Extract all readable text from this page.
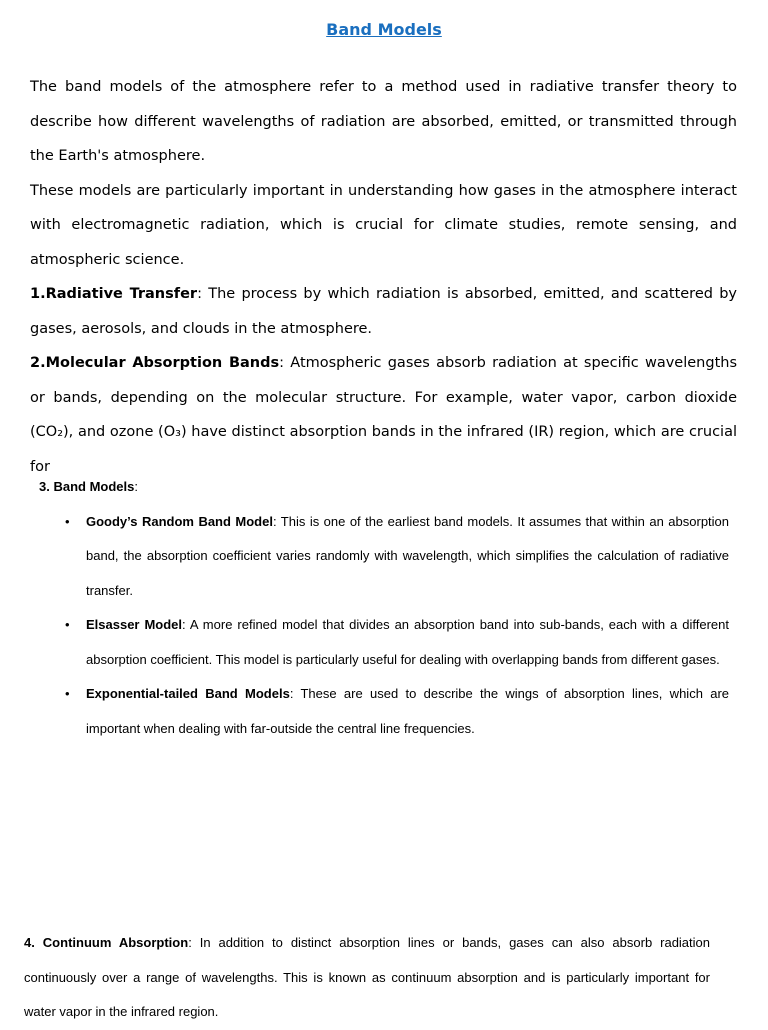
Band Models

The band models of the atmosphere refer to a method used in radiative transfer theory to describe how different wavelengths of radiation are absorbed, emitted, or transmitted through the Earth's atmosphere.

These models are particularly important in understanding how gases in the atmosphere interact with electromagnetic radiation, which is crucial for climate studies, remote sensing, and atmospheric science.

1.Radiative Transfer: The process by which radiation is absorbed, emitted, and scattered by gases, aerosols, and clouds in the atmosphere.

2.Molecular Absorption Bands: Atmospheric gases absorb radiation at specific wavelengths or bands, depending on the molecular structure. For example, water vapor, carbon dioxide (CO₂), and ozone (O₃) have distinct absorption bands in the infrared (IR) region, which are crucial for

3. Band Models:

• Goody’s Random Band Model: This is one of the earliest band models. It assumes that within an absorption band, the absorption coefficient varies randomly with wavelength, which simplifies the calculation of radiative transfer.
• Elsasser Model: A more refined model that divides an absorption band into sub-bands, each with a different absorption coefficient. This model is particularly useful for dealing with overlapping bands from different gases.
• Exponential-tailed Band Models: These are used to describe the wings of absorption lines, which are important when dealing with far-outside the central line frequencies.

4. Continuum Absorption: In addition to distinct absorption lines or bands, gases can also absorb radiation continuously over a range of wavelengths. This is known as continuum absorption and is particularly important for water vapor in the infrared region.
